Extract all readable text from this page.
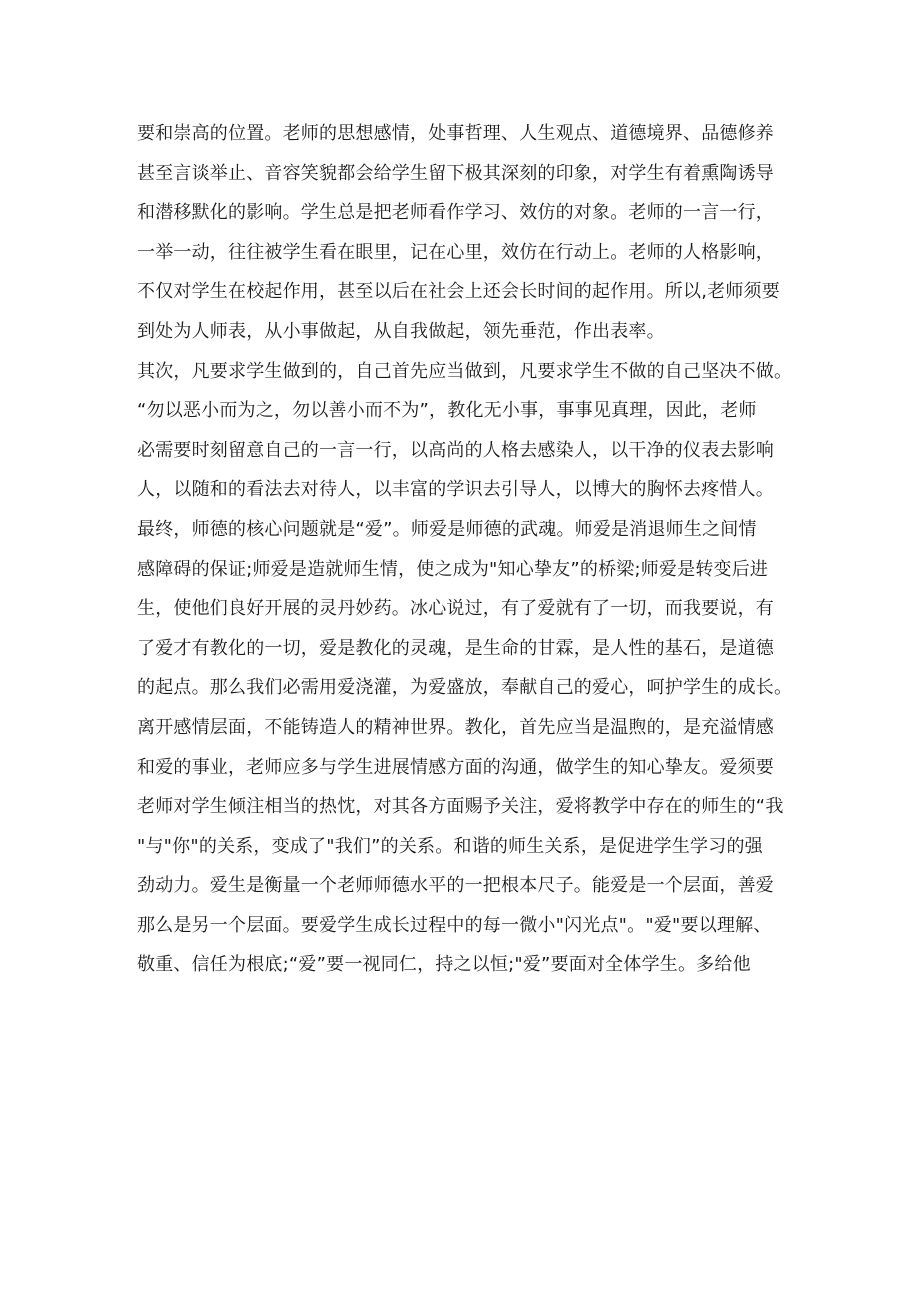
要和崇高的位置。老师的思想感情，处事哲理、人生观点、道德境界、品德修养
甚至言谈举止、音容笑貌都会给学生留下极其深刻的印象，对学生有着熏陶诱导
和潜移默化的影响。学生总是把老师看作学习、效仿的对象。老师的一言一行，
一举一动，往往被学生看在眼里，记在心里，效仿在行动上。老师的人格影响，
不仅对学生在校起作用，甚至以后在社会上还会长时间的起作用。所以,老师须要
到处为人师表，从小事做起，从自我做起，领先垂范，作出表率。
其次，凡要求学生做到的，自己首先应当做到，凡要求学生不做的自己坚决不做。
“勿以恶小而为之，勿以善小而不为”，教化无小事，事事见真理，因此，老师
必需要时刻留意自己的一言一行，以高尚的人格去感染人，以干净的仪表去影响
人，以随和的看法去对待人，以丰富的学识去引导人，以博大的胸怀去疼惜人。
最终，师德的核心问题就是“爱”。师爱是师德的武魂。师爱是消退师生之间情
感障碍的保证;师爱是造就师生情，使之成为"知心挚友”的桥梁;师爱是转变后进
生，使他们良好开展的灵丹妙药。冰心说过，有了爱就有了一切，而我要说，有
了爱才有教化的一切，爱是教化的灵魂，是生命的甘霖，是人性的基石，是道德
的起点。那么我们必需用爱浇灌，为爱盛放，奉献自己的爱心，呵护学生的成长。
离开感情层面，不能铸造人的精神世界。教化，首先应当是温煦的，是充溢情感
和爱的事业，老师应多与学生进展情感方面的沟通，做学生的知心挚友。爱须要
老师对学生倾注相当的热忱，对其各方面赐予关注，爱将教学中存在的师生的“我
"与"你"的关系，变成了"我们”的关系。和谐的师生关系，是促进学生学习的强
劲动力。爱生是衡量一个老师师德水平的一把根本尺子。能爱是一个层面，善爱
那么是另一个层面。要爱学生成长过程中的每一微小"闪光点"。"爱"要以理解、
敬重、信任为根底;“爱”要一视同仁，持之以恒;"爱”要面对全体学生。多给他
